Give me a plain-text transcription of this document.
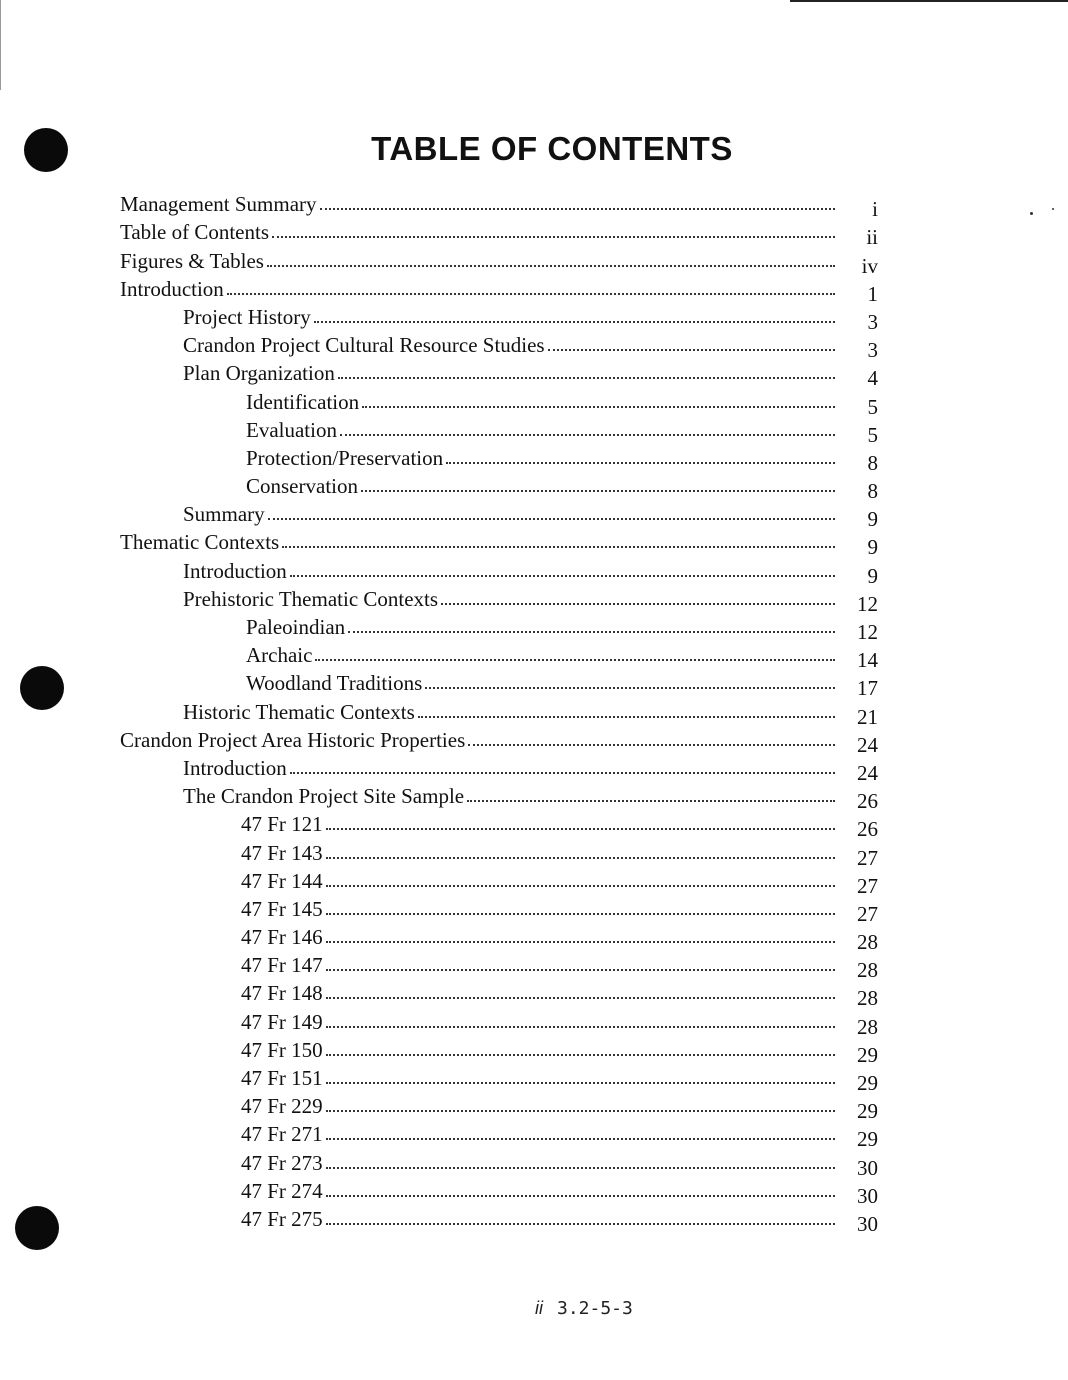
TABLE OF CONTENTS
Management Summary	i
Table of Contents	ii
Figures & Tables	iv
Introduction	1
Project History	3
Crandon Project Cultural Resource Studies	3
Plan Organization	4
Identification	5
Evaluation	5
Protection/Preservation	8
Conservation	8
Summary	9
Thematic Contexts	9
Introduction	9
Prehistoric Thematic Contexts	12
Paleoindian	12
Archaic	14
Woodland Traditions	17
Historic Thematic Contexts	21
Crandon Project Area Historic Properties	24
Introduction	24
The Crandon Project Site Sample	26
47 Fr 121	26
47 Fr 143	27
47 Fr 144	27
47 Fr 145	27
47 Fr 146	28
47 Fr 147	28
47 Fr 148	28
47 Fr 149	28
47 Fr 150	29
47 Fr 151	29
47 Fr 229	29
47 Fr 271	29
47 Fr 273	30
47 Fr 274	30
47 Fr 275	30
ii 3.2-5-3
